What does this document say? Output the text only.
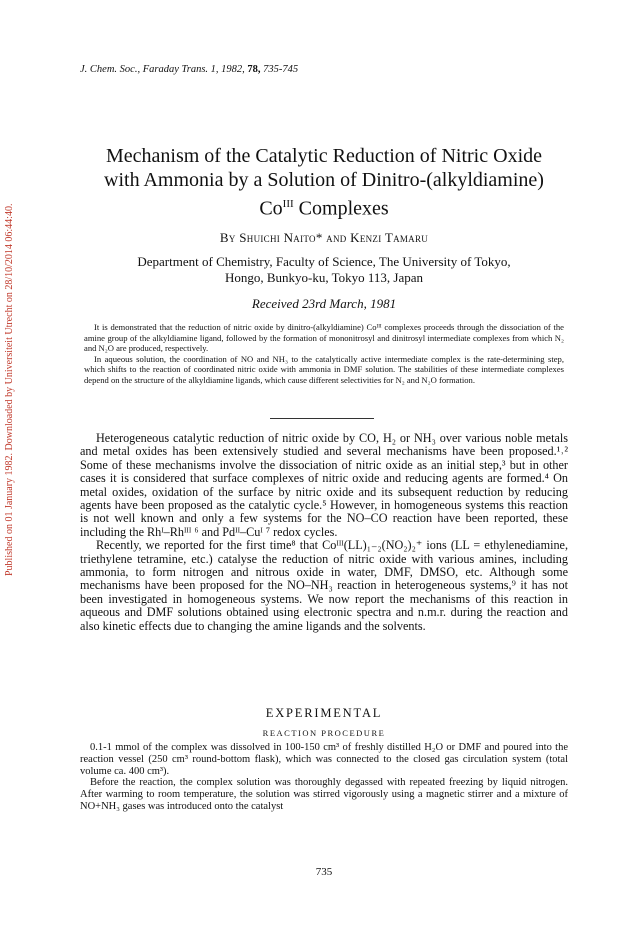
Published on 01 January 1982. Downloaded by Universiteit Utrecht on 28/10/2014 06:44:40.
J. Chem. Soc., Faraday Trans. 1, 1982, 78, 735-745
Mechanism of the Catalytic Reduction of Nitric Oxide
with Ammonia by a Solution of Dinitro-(alkyldiamine)
$Co^{III}$ Complexes
By Shuichi Naito* and Kenzi Tamaru
Department of Chemistry, Faculty of Science, The University of Tokyo,
Hongo, Bunkyo-ku, Tokyo 113, Japan
Received 23rd March, 1981

It is demonstrated that the reduction of nitric oxide by dinitro-(alkyldiamine) Coᴵᴵᴵ complexes proceeds through the dissociation of the amine group of the alkyldiamine ligand, followed by the formation of mononitrosyl and dinitrosyl intermediate complexes from which N₂ and N₂O are produced, respectively.

In aqueous solution, the coordination of NO and NH₃ to the catalytically active intermediate complex is the rate-determining step, which shifts to the reaction of coordinated nitric oxide with ammonia in DMF solution. The stabilities of these intermediate complexes depend on the structure of the alkyldiamine ligands, which cause different selectivities for N₂ and N₂O formation.

Heterogeneous catalytic reduction of nitric oxide by CO, H₂ or NH₃ over various noble metals and metal oxides has been extensively studied and several mechanisms have been proposed.¹˒² Some of these mechanisms involve the dissociation of nitric oxide as an initial step,³ but in other cases it is considered that surface complexes of nitric oxide and reducing agents are formed.⁴ On metal oxides, oxidation of the surface by nitric oxide and its subsequent reduction by reducing agents have been proposed as the catalytic cycle.⁵ However, in homogeneous systems this reaction is not well known and only a few systems for the NO–CO reaction have been reported, these including the Rhᴵ–Rhᴵᴵᴵ ⁶ and Pdᴵᴵ–Cuᴵ ⁷ redox cycles.

Recently, we reported for the first time⁸ that Coᴵᴵᴵ(LL)₁₋₂(NO₂)₂⁺ ions (LL = ethylenediamine, triethylene tetramine, etc.) catalyse the reduction of nitric oxide with various amines, including ammonia, to form nitrogen and nitrous oxide in water, DMF, DMSO, etc. Although some mechanisms have been proposed for the NO–NH₃ reaction in heterogeneous systems,⁹ it has not been investigated in homogeneous systems. We now report the mechanisms of this reaction in aqueous and DMF solutions obtained using electronic spectra and n.m.r. during the reaction and also kinetic effects due to changing the amine ligands and the solvents.

EXPERIMENTAL
REACTION PROCEDURE

0.1-1 mmol of the complex was dissolved in 100-150 cm³ of freshly distilled H₂O or DMF and poured into the reaction vessel (250 cm³ round-bottom flask), which was connected to the closed gas circulation system (total volume ca. 400 cm³).

Before the reaction, the complex solution was thoroughly degassed with repeated freezing by liquid nitrogen. After warming to room temperature, the solution was stirred vigorously using a magnetic stirrer and a mixture of NO+NH₃ gases was introduced onto the catalyst

735
